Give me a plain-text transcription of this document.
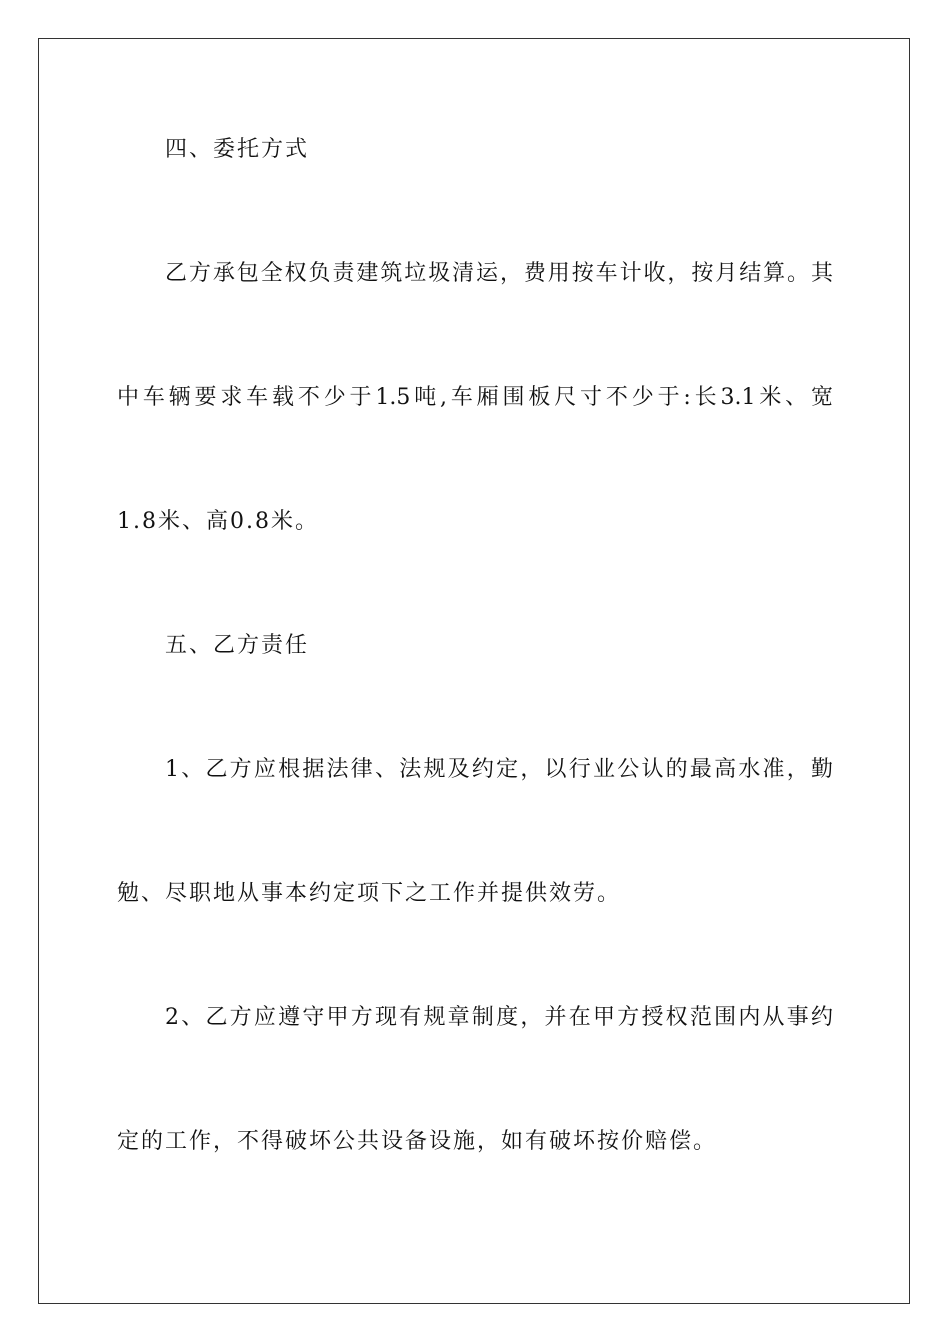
四、委托方式
乙方承包全权负责建筑垃圾清运，费用按车计收，按月结算。其
中车辆要求车载不少于1.5吨,车厢围板尺寸不少于:长3.1米、宽
1.8米、高0.8米。
五、乙方责任
1、乙方应根据法律、法规及约定，以行业公认的最高水准，勤
勉、尽职地从事本约定项下之工作并提供效劳。
2、乙方应遵守甲方现有规章制度，并在甲方授权范围内从事约
定的工作，不得破坏公共设备设施，如有破坏按价赔偿。
